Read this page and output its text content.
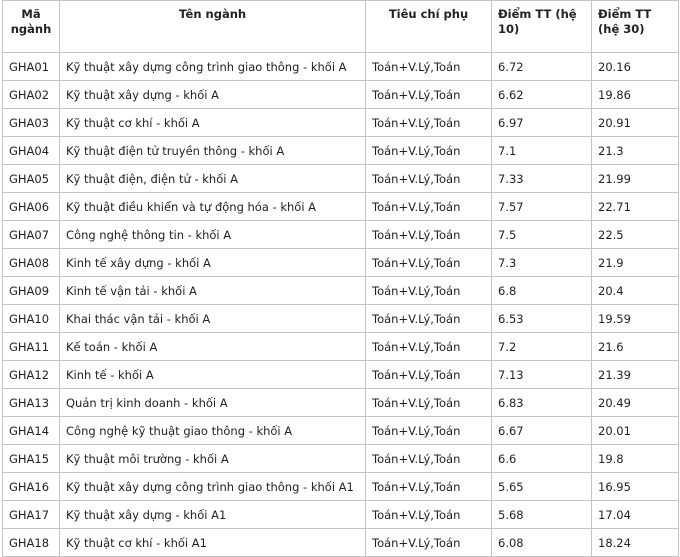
Mã ngành	Tên ngành	Tiêu chí phụ	Điểm TT (hệ 10)	Điểm TT (hệ 30)
GHA01	Kỹ thuật xây dựng công trình giao thông - khối A	Toán+V.Lý,Toán	6.72	20.16
GHA02	Kỹ thuật xây dựng - khối A	Toán+V.Lý,Toán	6.62	19.86
GHA03	Kỹ thuật cơ khí - khối A	Toán+V.Lý,Toán	6.97	20.91
GHA04	Kỹ thuật điện tử truyền thông - khối A	Toán+V.Lý,Toán	7.1	21.3
GHA05	Kỹ thuật điện, điện tử - khối A	Toán+V.Lý,Toán	7.33	21.99
GHA06	Kỹ thuật điều khiển và tự động hóa - khối A	Toán+V.Lý,Toán	7.57	22.71
GHA07	Công nghệ thông tin - khối A	Toán+V.Lý,Toán	7.5	22.5
GHA08	Kinh tế xây dựng - khối A	Toán+V.Lý,Toán	7.3	21.9
GHA09	Kinh tế vận tải - khối A	Toán+V.Lý,Toán	6.8	20.4
GHA10	Khai thác vận tải - khối A	Toán+V.Lý,Toán	6.53	19.59
GHA11	Kế toán - khối A	Toán+V.Lý,Toán	7.2	21.6
GHA12	Kinh tế - khối A	Toán+V.Lý,Toán	7.13	21.39
GHA13	Quản trị kinh doanh - khối A	Toán+V.Lý,Toán	6.83	20.49
GHA14	Công nghệ kỹ thuật giao thông - khối A	Toán+V.Lý,Toán	6.67	20.01
GHA15	Kỹ thuật môi trường - khối A	Toán+V.Lý,Toán	6.6	19.8
GHA16	Kỹ thuật xây dựng công trình giao thông - khối A1	Toán+V.Lý,Toán	5.65	16.95
GHA17	Kỹ thuật xây dựng - khối A1	Toán+V.Lý,Toán	5.68	17.04
GHA18	Kỹ thuật cơ khí - khối A1	Toán+V.Lý,Toán	6.08	18.24
